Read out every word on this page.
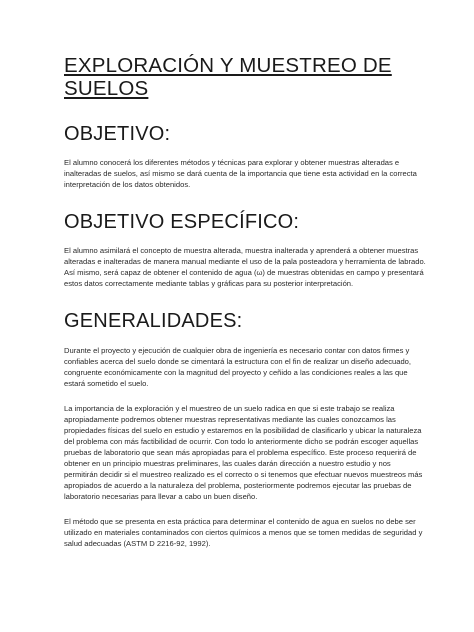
EXPLORACIÓN Y MUESTREO DE SUELOS
OBJETIVO:

El alumno conocerá los diferentes métodos y técnicas para explorar y obtener muestras alteradas e inalteradas de suelos, así mismo se dará cuenta de la importancia que tiene esta actividad en la correcta interpretación de los datos obtenidos.

OBJETIVO ESPECÍFICO:

El alumno asimilará el concepto de muestra alterada, muestra inalterada y aprenderá a obtener muestras alteradas e inalteradas de manera manual mediante el uso de la pala posteadora y herramienta de labrado. Así mismo, será capaz de obtener el contenido de agua (ω) de muestras obtenidas en campo y presentará estos datos correctamente mediante tablas y gráficas para su posterior interpretación.

GENERALIDADES:

Durante el proyecto y ejecución de cualquier obra de ingeniería es necesario contar con datos firmes y confiables acerca del suelo donde se cimentará la estructura con el fin de realizar un diseño adecuado, congruente económicamente con la magnitud del proyecto y ceñido a las condiciones reales a las que estará sometido el suelo.

La importancia de la exploración y el muestreo de un suelo radica en que si este trabajo se realiza apropiadamente podremos obtener muestras representativas mediante las cuales conozcamos las propiedades físicas del suelo en estudio y estaremos en la posibilidad de clasificarlo y ubicar la naturaleza del problema con más factibilidad de ocurrir. Con todo lo anteriormente dicho se podrán escoger aquellas pruebas de laboratorio que sean más apropiadas para el problema específico. Este proceso requerirá de obtener en un principio muestras preliminares, las cuales darán dirección a nuestro estudio y nos permitirán decidir si el muestreo realizado es el correcto o si tenemos que efectuar nuevos muestreos más apropiados de acuerdo a la naturaleza del problema, posteriormente podremos ejecutar las pruebas de laboratorio necesarias para llevar a cabo un buen diseño.

El método que se presenta en esta práctica para determinar el contenido de agua en suelos no debe ser utilizado en materiales contaminados con ciertos químicos a menos que se tomen medidas de seguridad y salud adecuadas (ASTM D 2216-92, 1992).
